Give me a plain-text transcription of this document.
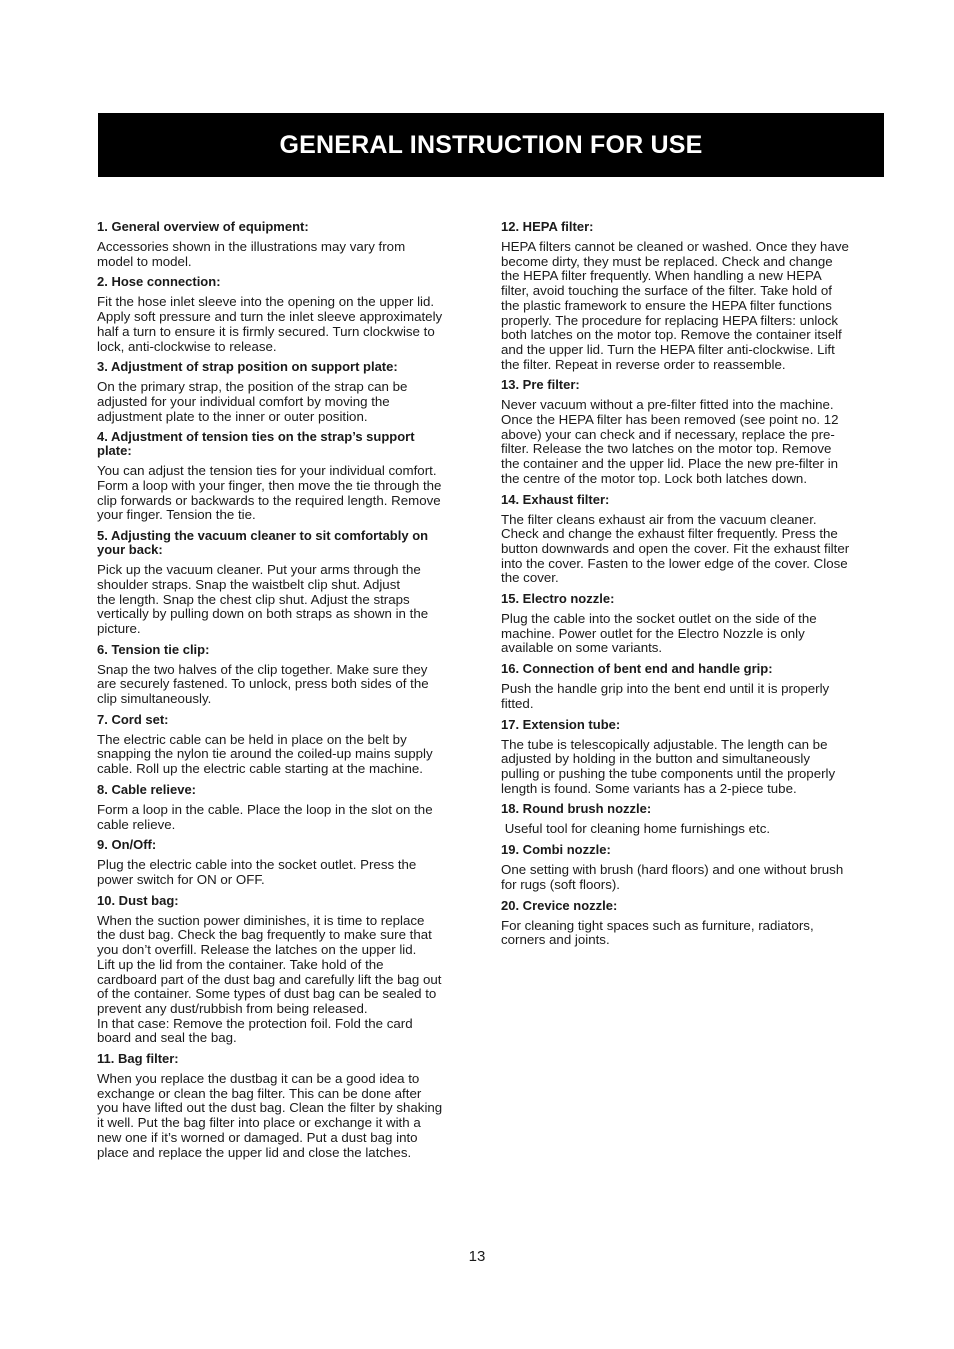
GENERAL INSTRUCTION FOR USE
1. General overview of equipment:

Accessories shown in the illustrations may vary from
model to model.

2. Hose connection:

Fit the hose inlet sleeve into the opening on the upper lid.
Apply soft pressure and turn the inlet sleeve approximately
half a turn to ensure it is firmly secured. Turn clockwise to
lock, anti-clockwise to release.

3. Adjustment of strap position on support plate:

On the primary strap, the position of the strap can be
adjusted for your individual comfort by moving the
adjustment plate to the inner or outer position.

4. Adjustment of tension ties on the strap’s support
plate:

You can adjust the tension ties for your individual comfort.
Form a loop with your finger, then move the tie through the
clip forwards or backwards to the required length. Remove
your finger. Tension the tie.

5. Adjusting the vacuum cleaner to sit comfortably on
your back:

Pick up the vacuum cleaner. Put your arms through the
shoulder straps. Snap the waistbelt clip shut. Adjust
the length. Snap the chest clip shut. Adjust the straps
vertically by pulling down on both straps as shown in the
picture.

6. Tension tie clip:

Snap the two halves of the clip together. Make sure they
are securely fastened. To unlock, press both sides of the
clip simultaneously.

7. Cord set:

The electric cable can be held in place on the belt by
snapping the nylon tie around the coiled-up mains supply
cable. Roll up the electric cable starting at the machine.

8. Cable relieve:

Form a loop in the cable. Place the loop in the slot on the
cable relieve.

9. On/Off:

Plug the electric cable into the socket outlet. Press the
power switch for ON or OFF.

10. Dust bag:

When the suction power diminishes, it is time to replace
the dust bag. Check the bag frequently to make sure that
you don’t overfill. Release the latches on the upper lid.
Lift up the lid from the container. Take hold of the
cardboard part of the dust bag and carefully lift the bag out
of the container. Some types of dust bag can be sealed to
prevent any dust/rubbish from being released.
In that case: Remove the protection foil. Fold the card
board and seal the bag.

11. Bag filter:

When you replace the dustbag it can be a good idea to
exchange or clean the bag filter. This can be done after
you have lifted out the dust bag. Clean the filter by shaking
it well. Put the bag filter into place or exchange it with a
new one if it’s worned or damaged. Put a dust bag into
place and replace the upper lid and close the latches.

12. HEPA filter:

HEPA filters cannot be cleaned or washed. Once they have
become dirty, they must be replaced. Check and change
the HEPA filter frequently. When handling a new HEPA
filter, avoid touching the surface of the filter. Take hold of
the plastic framework to ensure the HEPA filter functions
properly. The procedure for replacing HEPA filters: unlock
both latches on the motor top. Remove the container itself
and the upper lid. Turn the HEPA filter anti-clockwise. Lift
the filter. Repeat in reverse order to reassemble.

13. Pre filter:

Never vacuum without a pre-filter fitted into the machine.
Once the HEPA filter has been removed (see point no. 12
above) your can check and if necessary, replace the pre-
filter. Release the two latches on the motor top. Remove
the container and the upper lid. Place the new pre-filter in
the centre of the motor top. Lock both latches down.

14. Exhaust filter:

The filter cleans exhaust air from the vacuum cleaner.
Check and change the exhaust filter frequently. Press the
button downwards and open the cover. Fit the exhaust filter
into the cover. Fasten to the lower edge of the cover. Close
the cover.

15. Electro nozzle:

Plug the cable into the socket outlet on the side of the
machine. Power outlet for the Electro Nozzle is only
available on some variants.

16. Connection of bent end and handle grip:

Push the handle grip into the bent end until it is properly
fitted.

17. Extension tube:

The tube is telescopically adjustable. The length can be
adjusted by holding in the button and simultaneously
pulling or pushing the tube components until the properly
length is found. Some variants has a 2-piece tube.

18. Round brush nozzle:

Useful tool for cleaning home furnishings etc.

19. Combi nozzle:

One setting with brush (hard floors) and one without brush
for rugs (soft floors).

20. Crevice nozzle:

For cleaning tight spaces such as furniture, radiators,
corners and joints.

13
